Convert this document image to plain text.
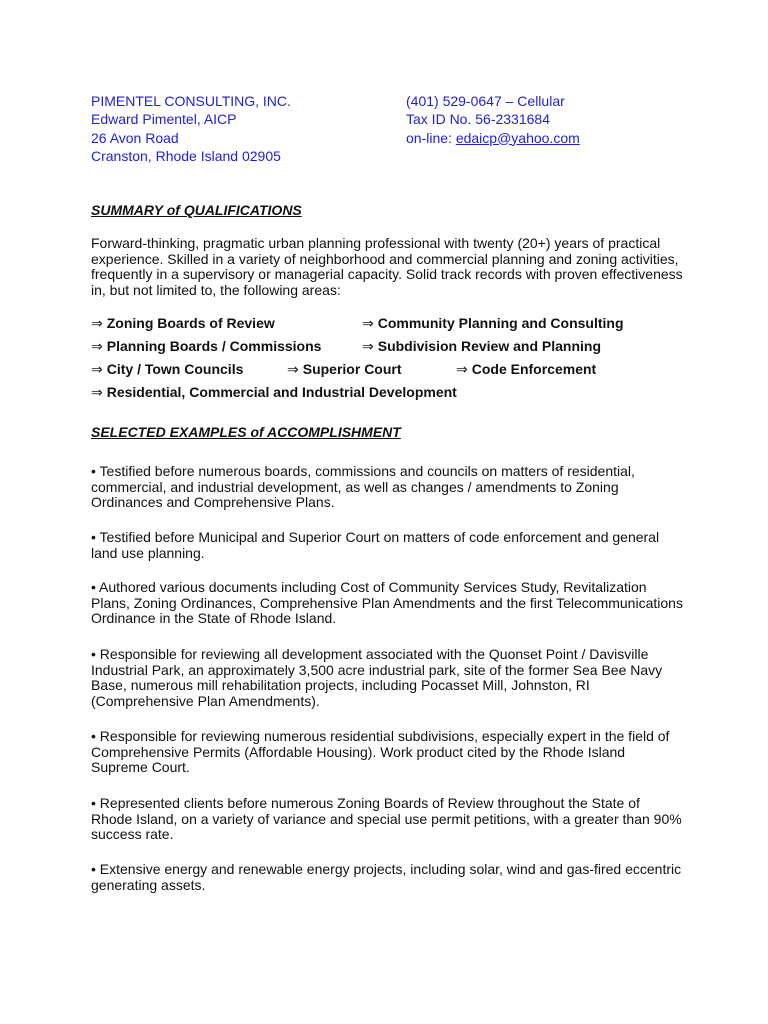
PIMENTEL CONSULTING, INC.
Edward Pimentel, AICP
26 Avon Road
Cranston, Rhode Island 02905
(401) 529-0647 – Cellular
Tax ID No. 56-2331684
on-line: edaicp@yahoo.com
SUMMARY of QUALIFICATIONS
Forward-thinking, pragmatic urban planning professional with twenty (20+) years of practical
experience. Skilled in a variety of neighborhood and commercial planning and zoning activities,
frequently in a supervisory or managerial capacity. Solid track records with proven effectiveness
in, but not limited to, the following areas:
⇒ Zoning Boards of Review	⇒ Community Planning and Consulting
⇒ Planning Boards / Commissions	⇒ Subdivision Review and Planning
⇒ City / Town Councils	⇒ Superior Court	⇒ Code Enforcement
⇒ Residential, Commercial and Industrial Development
SELECTED EXAMPLES of ACCOMPLISHMENT
• Testified before numerous boards, commissions and councils on matters of residential,
commercial, and industrial development, as well as changes / amendments to Zoning
Ordinances and Comprehensive Plans.
• Testified before Municipal and Superior Court on matters of code enforcement and general
land use planning.
• Authored various documents including Cost of Community Services Study, Revitalization
Plans, Zoning Ordinances, Comprehensive Plan Amendments and the first Telecommunications
Ordinance in the State of Rhode Island.
• Responsible for reviewing all development associated with the Quonset Point / Davisville
Industrial Park, an approximately 3,500 acre industrial park, site of the former Sea Bee Navy
Base, numerous mill rehabilitation projects, including Pocasset Mill, Johnston, RI
(Comprehensive Plan Amendments).
• Responsible for reviewing numerous residential subdivisions, especially expert in the field of
Comprehensive Permits (Affordable Housing). Work product cited by the Rhode Island
Supreme Court.
• Represented clients before numerous Zoning Boards of Review throughout the State of
Rhode Island, on a variety of variance and special use permit petitions, with a greater than 90%
success rate.
• Extensive energy and renewable energy projects, including solar, wind and gas-fired eccentric
generating assets.
